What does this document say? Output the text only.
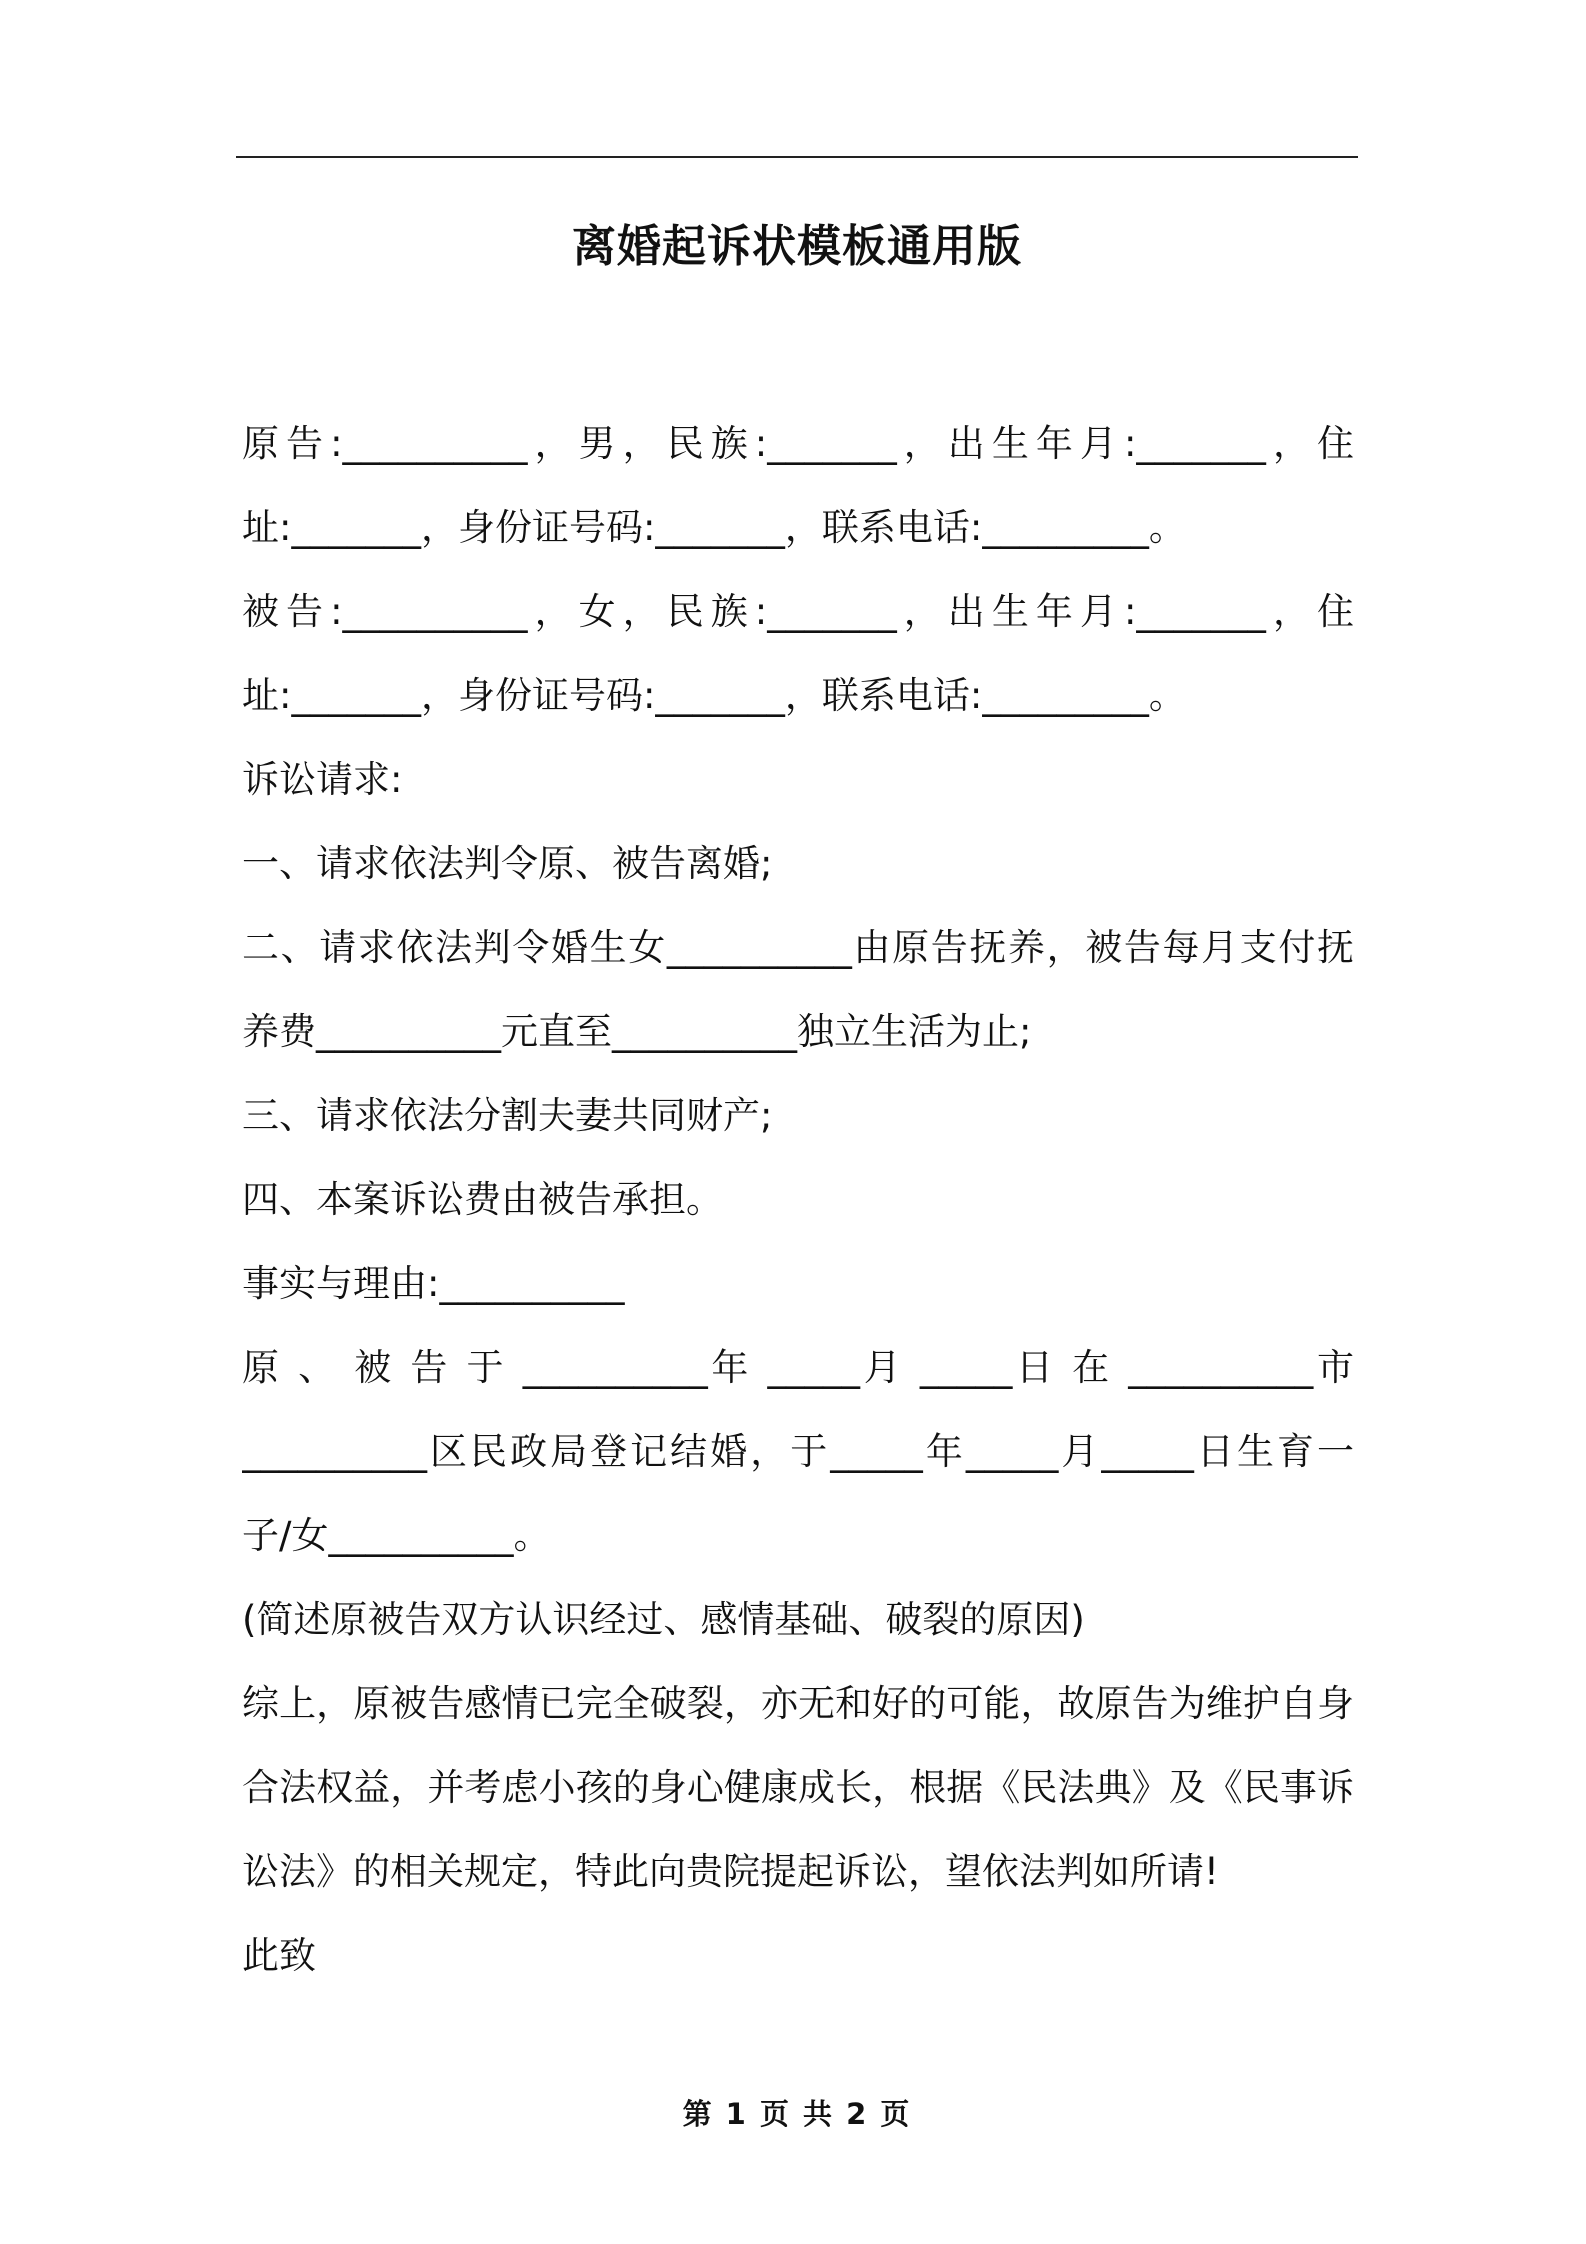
离婚起诉状模板通用版
原告:__________，男，民族:_______，出生年月:_______，住
址:_______，身份证号码:_______，联系电话:_________。
被告:__________，女，民族:_______，出生年月:_______，住
址:_______，身份证号码:_______，联系电话:_________。
诉讼请求:
一、请求依法判令原、被告离婚;
二、请求依法判令婚生女__________由原告抚养，被告每月支付抚
养费__________元直至__________独立生活为止;
三、请求依法分割夫妻共同财产;
四、本案诉讼费由被告承担。
事实与理由:__________
原 、 被 告 于 __________年 _____月 _____日 在 __________市
__________区民政局登记结婚，于_____年_____月_____日生育一
子/女__________。
(简述原被告双方认识经过、感情基础、破裂的原因)
综上，原被告感情已完全破裂，亦无和好的可能，故原告为维护自身
合法权益，并考虑小孩的身心健康成长，根据《民法典》及《民事诉
讼法》的相关规定，特此向贵院提起诉讼，望依法判如所请!
此致
第 1 页 共 2 页
